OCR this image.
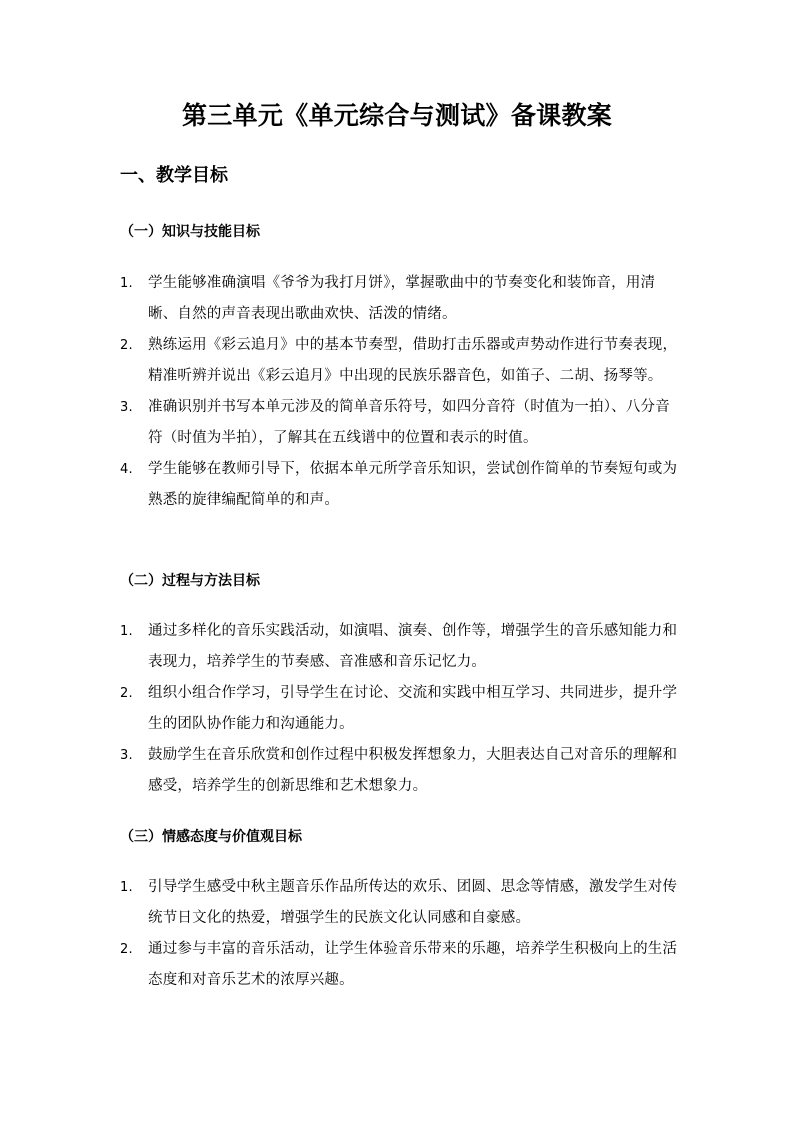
第三单元《单元综合与测试》备课教案
一、教学目标
（一）知识与技能目标
1. 学生能够准确演唱《爷爷为我打月饼》，掌握歌曲中的节奏变化和装饰音，用清晰、自然的声音表现出歌曲欢快、活泼的情绪。
2. 熟练运用《彩云追月》中的基本节奏型，借助打击乐器或声势动作进行节奏表现，精准听辨并说出《彩云追月》中出现的民族乐器音色，如笛子、二胡、扬琴等。
3. 准确识别并书写本单元涉及的简单音乐符号，如四分音符（时值为一拍）、八分音符（时值为半拍），了解其在五线谱中的位置和表示的时值。
4. 学生能够在教师引导下，依据本单元所学音乐知识，尝试创作简单的节奏短句或为熟悉的旋律编配简单的和声。
（二）过程与方法目标
1. 通过多样化的音乐实践活动，如演唱、演奏、创作等，增强学生的音乐感知能力和表现力，培养学生的节奏感、音准感和音乐记忆力。
2. 组织小组合作学习，引导学生在讨论、交流和实践中相互学习、共同进步，提升学生的团队协作能力和沟通能力。
3. 鼓励学生在音乐欣赏和创作过程中积极发挥想象力，大胆表达自己对音乐的理解和感受，培养学生的创新思维和艺术想象力。
（三）情感态度与价值观目标
1. 引导学生感受中秋主题音乐作品所传达的欢乐、团圆、思念等情感，激发学生对传统节日文化的热爱，增强学生的民族文化认同感和自豪感。
2. 通过参与丰富的音乐活动，让学生体验音乐带来的乐趣，培养学生积极向上的生活态度和对音乐艺术的浓厚兴趣。
